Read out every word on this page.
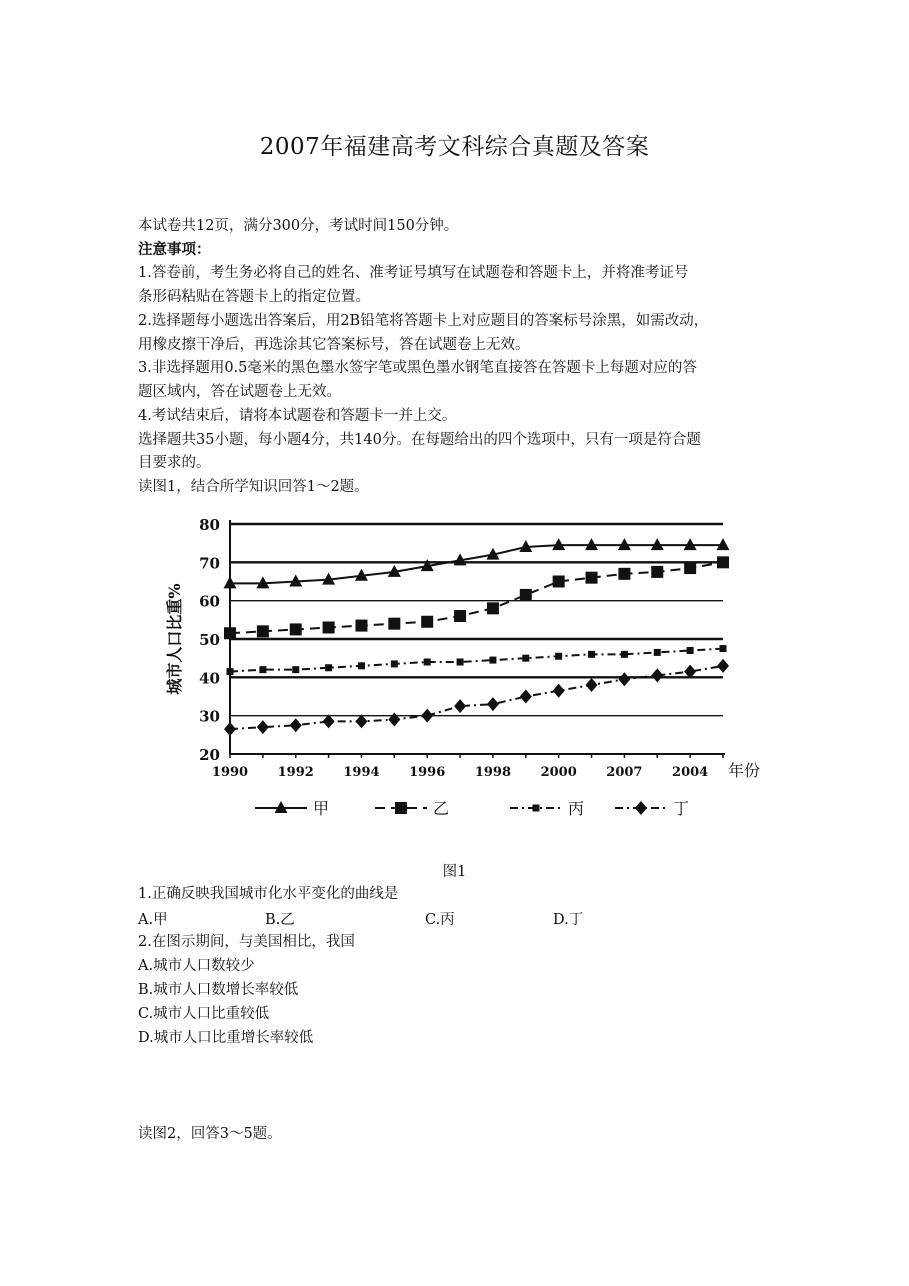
2007年福建高考文科综合真题及答案
本试卷共12页，满分300分，考试时间150分钟。
注意事项：
1.答卷前，考生务必将自己的姓名、准考证号填写在试题卷和答题卡上，并将准考证号
条形码粘贴在答题卡上的指定位置。
2.选择题每小题选出答案后，用2B铅笔将答题卡上对应题目的答案标号涂黑，如需改动，
用橡皮擦干净后，再选涂其它答案标号，答在试题卷上无效。
3.非选择题用0.5毫米的黑色墨水签字笔或黑色墨水钢笔直接答在答题卡上每题对应的答
题区域内，答在试题卷上无效。
4.考试结束后，请将本试题卷和答题卡一并上交。
选择题共35小题，每小题4分，共140分。在每题给出的四个选项中，只有一项是符合题
目要求的。
读图1，结合所学知识回答1～2题。
20
30
40
50
60
70
80
1990 1992 1994 1996 1998 2000 2007 2004 年份
城市人口比重%
甲	乙	丙	丁
图1
1.正确反映我国城市化水平变化的曲线是
A.甲	B.乙	C.丙	D.丁
2.在图示期间，与美国相比，我国
A.城市人口数较少
B.城市人口数增长率较低
C.城市人口比重较低
D.城市人口比重增长率较低
读图2，回答3～5题。
